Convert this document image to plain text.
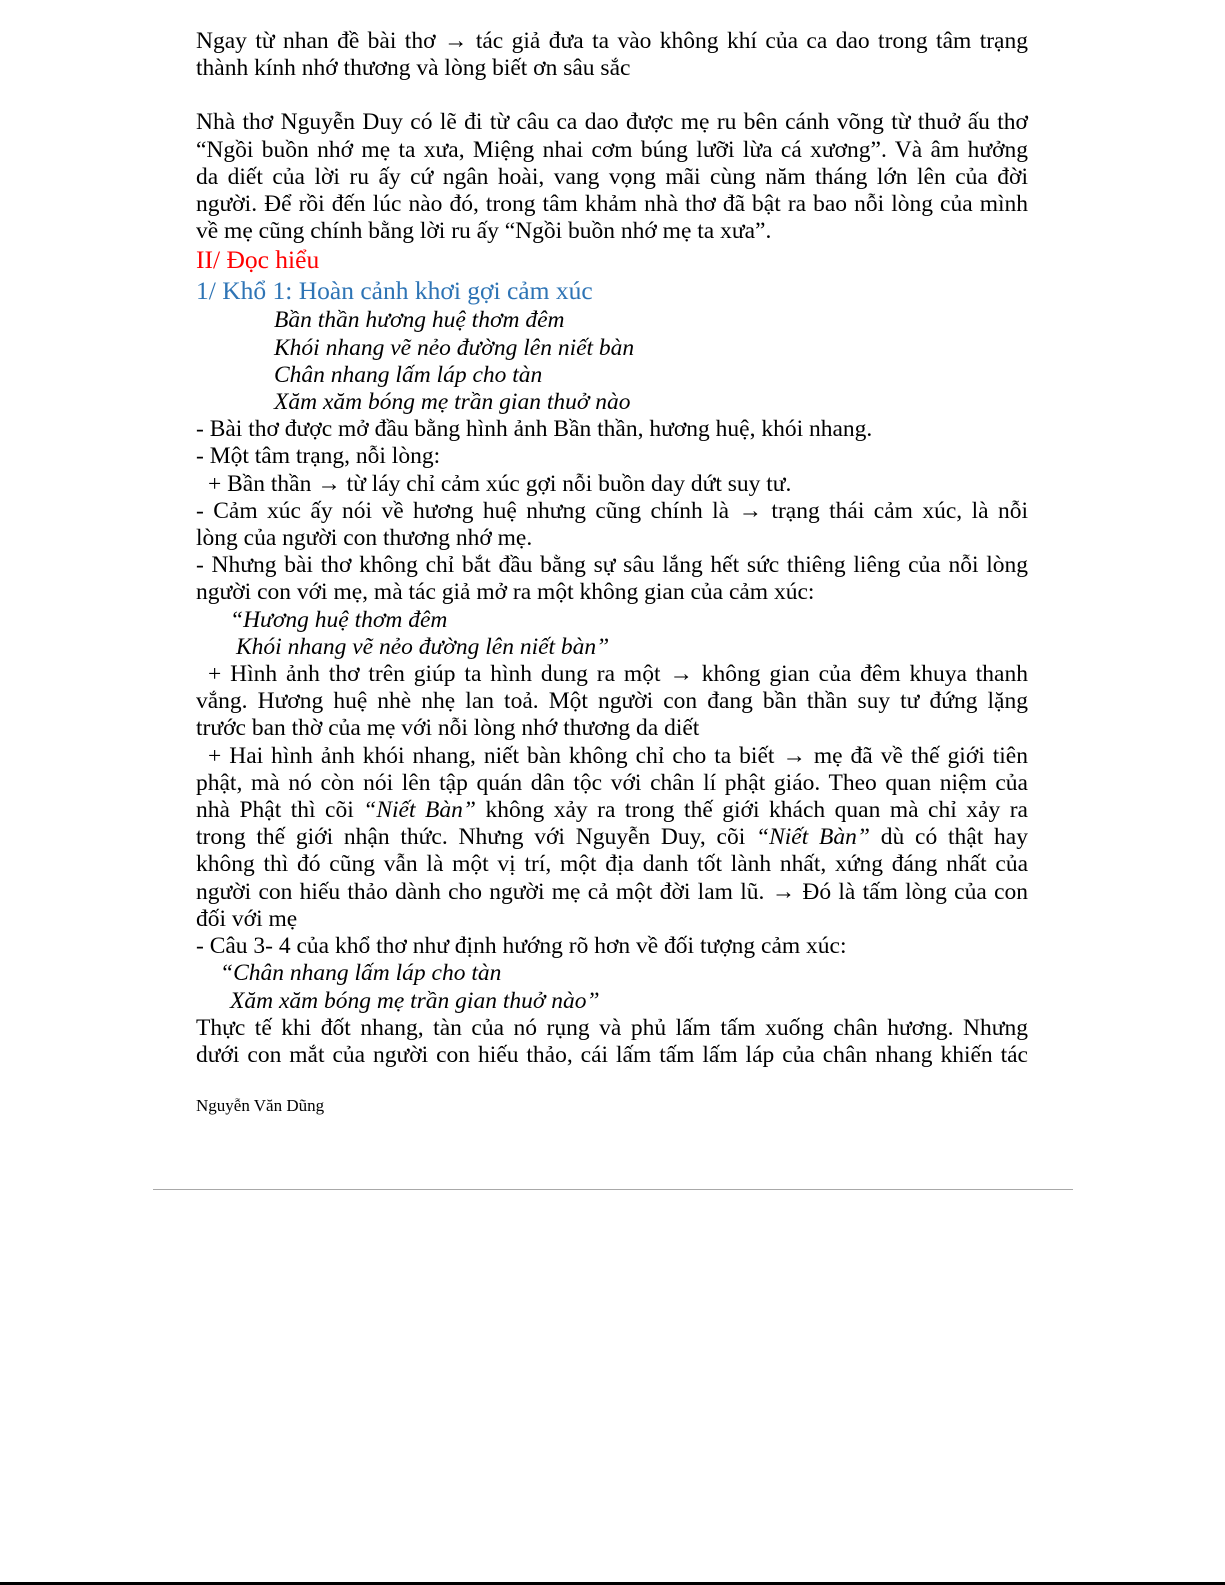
Ngay từ nhan đề bài thơ → tác giả đưa ta vào không khí của ca dao trong tâm trạng

thành kính nhớ thương và lòng biết ơn sâu sắc

Nhà thơ Nguyễn Duy có lẽ đi từ câu ca dao được mẹ ru bên cánh võng từ thuở ấu thơ

“Ngồi buồn nhớ mẹ ta xưa, Miệng nhai cơm búng lưỡi lừa cá xương”. Và âm hưởng

da diết của lời ru ấy cứ ngân hoài, vang vọng mãi cùng năm tháng lớn lên của đời

người. Để rồi đến lúc nào đó, trong tâm khảm nhà thơ đã bật ra bao nỗi lòng của mình

về mẹ cũng chính bằng lời ru ấy “Ngồi buồn nhớ mẹ ta xưa”.

II/ Đọc hiểu

1/ Khổ 1: Hoàn cảnh khơi gợi cảm xúc

Bần thần hương huệ thơm đêm

Khói nhang vẽ nẻo đường lên niết bàn

Chân nhang lấm láp cho tàn

Xăm xăm bóng mẹ trần gian thuở nào

- Bài thơ được mở đầu bằng hình ảnh Bần thần, hương huệ, khói nhang.

- Một tâm trạng, nỗi lòng:

+ Bần thần → từ láy chỉ cảm xúc gợi nỗi buồn day dứt suy tư.

- Cảm xúc ấy nói về hương huệ nhưng cũng chính là → trạng thái cảm xúc, là nỗi

lòng của người con thương nhớ mẹ.

- Nhưng bài thơ không chỉ bắt đầu bằng sự sâu lắng hết sức thiêng liêng của nỗi lòng

người con với mẹ, mà tác giả mở ra một không gian của cảm xúc:

“Hương huệ thơm đêm

Khói nhang vẽ nẻo đường lên niết bàn”

+ Hình ảnh thơ trên giúp ta hình dung ra một → không gian của đêm khuya thanh

vắng. Hương huệ nhè nhẹ lan toả. Một người con đang bần thần suy tư đứng lặng

trước ban thờ của mẹ với nỗi lòng nhớ thương da diết

+ Hai hình ảnh khói nhang, niết bàn không chỉ cho ta biết → mẹ đã về thế giới tiên

phật, mà nó còn nói lên tập quán dân tộc với chân lí phật giáo. Theo quan niệm của

nhà Phật thì cõi “Niết Bàn” không xảy ra trong thế giới khách quan mà chỉ xảy ra

trong thế giới nhận thức. Nhưng với Nguyễn Duy, cõi “Niết Bàn” dù có thật hay

không thì đó cũng vẫn là một vị trí, một địa danh tốt lành nhất, xứng đáng nhất của

người con hiếu thảo dành cho người mẹ cả một đời lam lũ. → Đó là tấm lòng của con

đối với mẹ

- Câu 3- 4 của khổ thơ như định hướng rõ hơn về đối tượng cảm xúc:

“Chân nhang lấm láp cho tàn

Xăm xăm bóng mẹ trần gian thuở nào”

Thực tế khi đốt nhang, tàn của nó rụng và phủ lấm tấm xuống chân hương. Nhưng

dưới con mắt của người con hiếu thảo, cái lấm tấm lấm láp của chân nhang khiến tác

Nguyễn Văn Dũng
